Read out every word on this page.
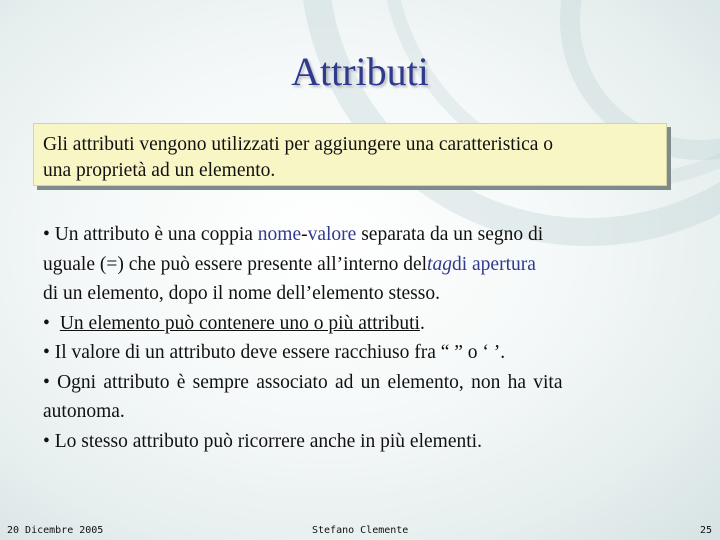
Attributi
Gli attributi vengono utilizzati per aggiungere una caratteristica o
una proprietà ad un elemento.
• Un attributo è una coppia nome-valore separata da un segno di
uguale (=) che può essere presente all’interno del tag di apertura
di un elemento, dopo il nome dell’elemento stesso.
• Un elemento può contenere uno o più attributi .
• Il valore di un attributo deve essere racchiuso fra “ ” o ‘ ’.
• Ogni attributo è sempre associato ad un elemento, non ha vita
autonoma.
• Lo stesso attributo può ricorrere anche in più elementi.
20 Dicembre 2005	Stefano Clemente	25
